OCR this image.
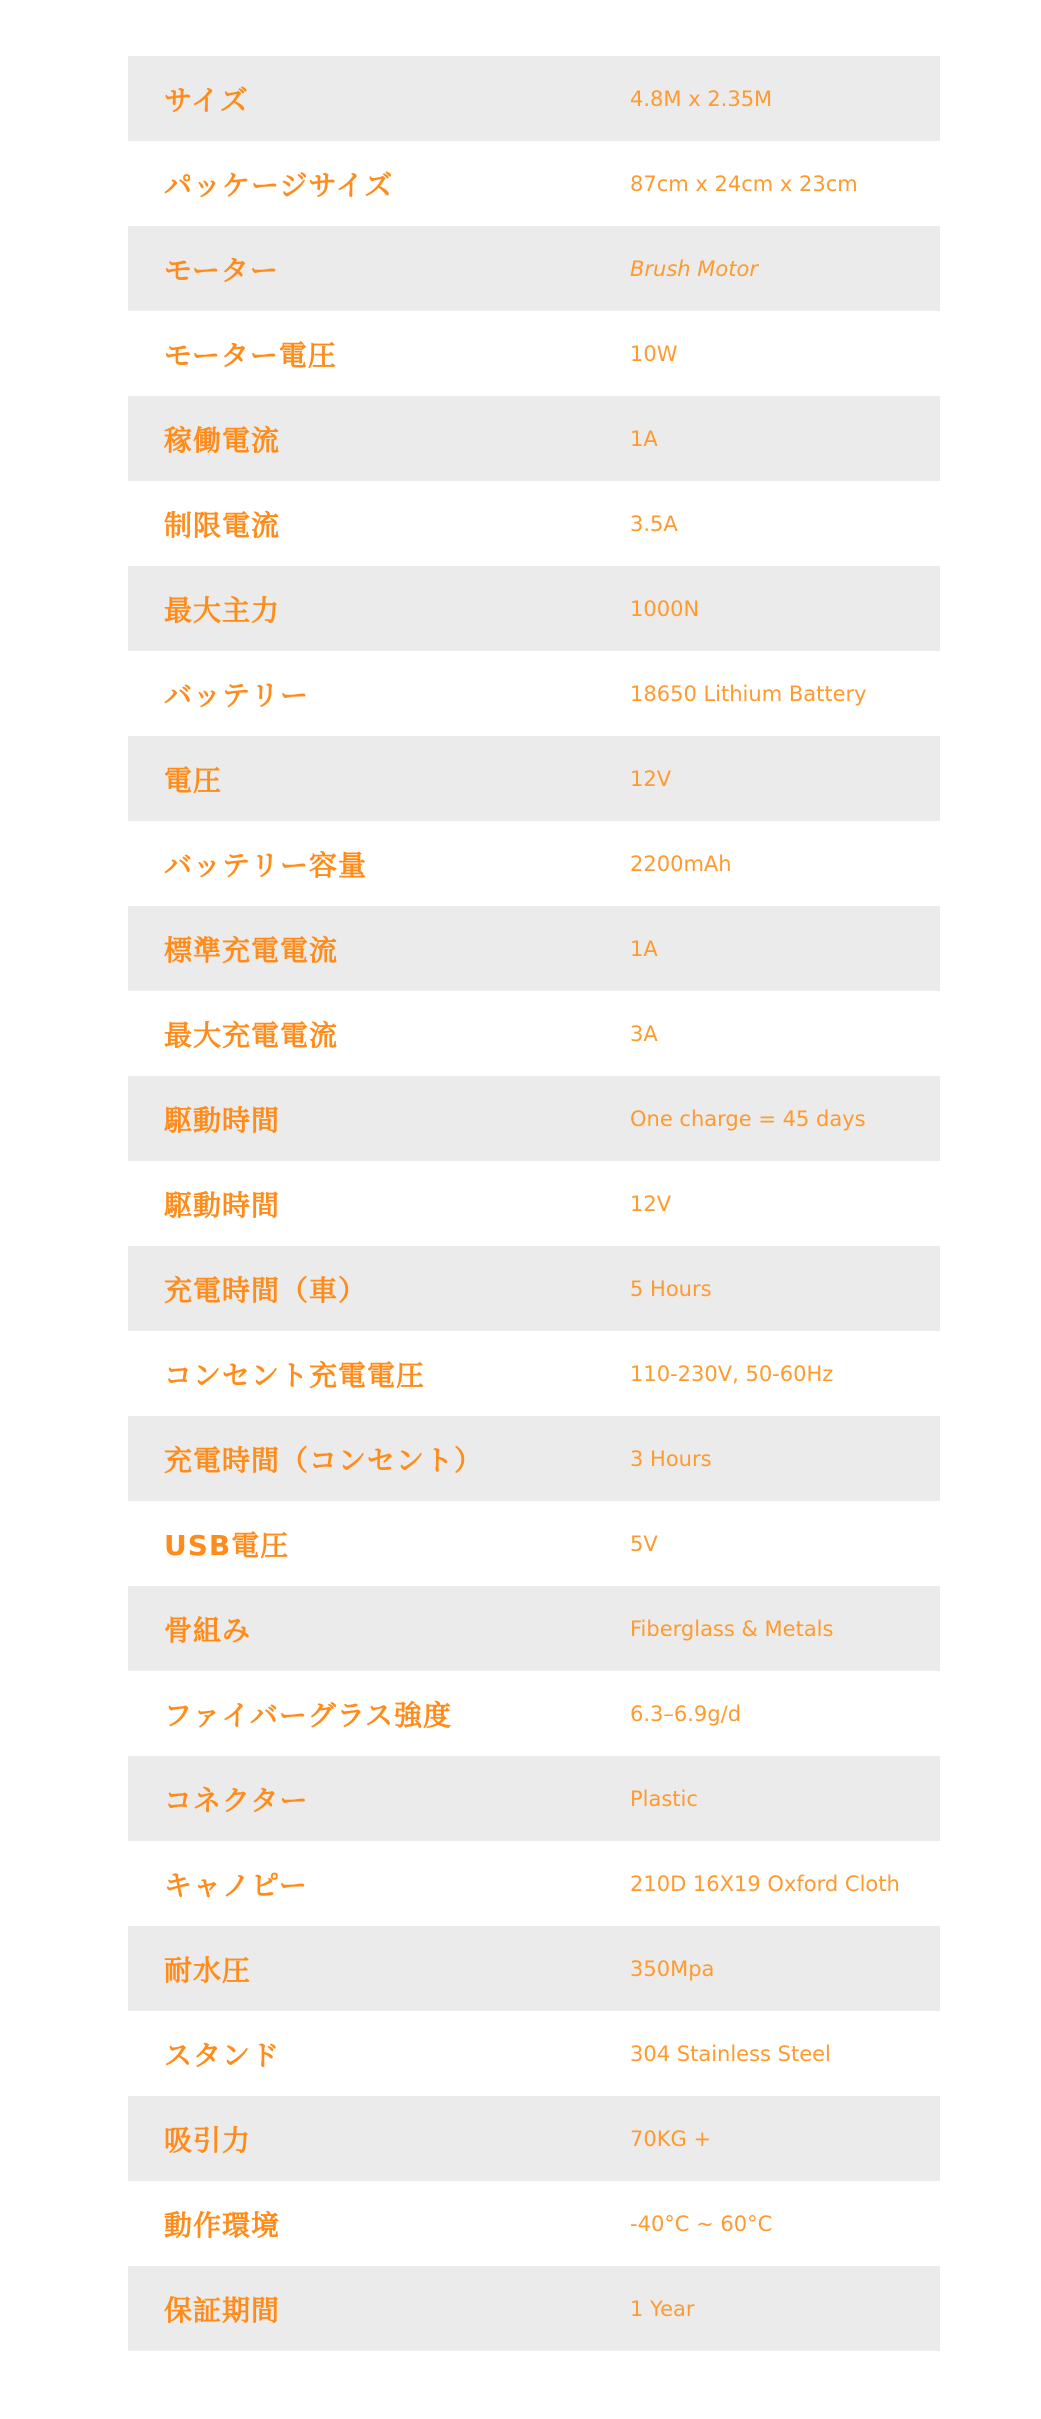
サイズ	4.8M x 2.35M
パッケージサイズ	87cm x 24cm x 23cm
モーター	Brush Motor
モーター電圧	10W
稼働電流	1A
制限電流	3.5A
最大主力	1000N
バッテリー	18650 Lithium Battery
電圧	12V
バッテリー容量	2200mAh
標準充電電流	1A
最大充電電流	3A
駆動時間	One charge = 45 days
駆動時間	12V
充電時間（車）	5 Hours
コンセント充電電圧	110-230V, 50-60Hz
充電時間（コンセント）	3 Hours
USB電圧	5V
骨組み	Fiberglass & Metals
ファイバーグラス強度	6.3–6.9g/d
コネクター	Plastic
キャノピー	210D 16X19 Oxford Cloth
耐水圧	350Mpa
スタンド	304 Stainless Steel
吸引力	70KG +
動作環境	-40°C ~ 60°C
保証期間	1 Year
